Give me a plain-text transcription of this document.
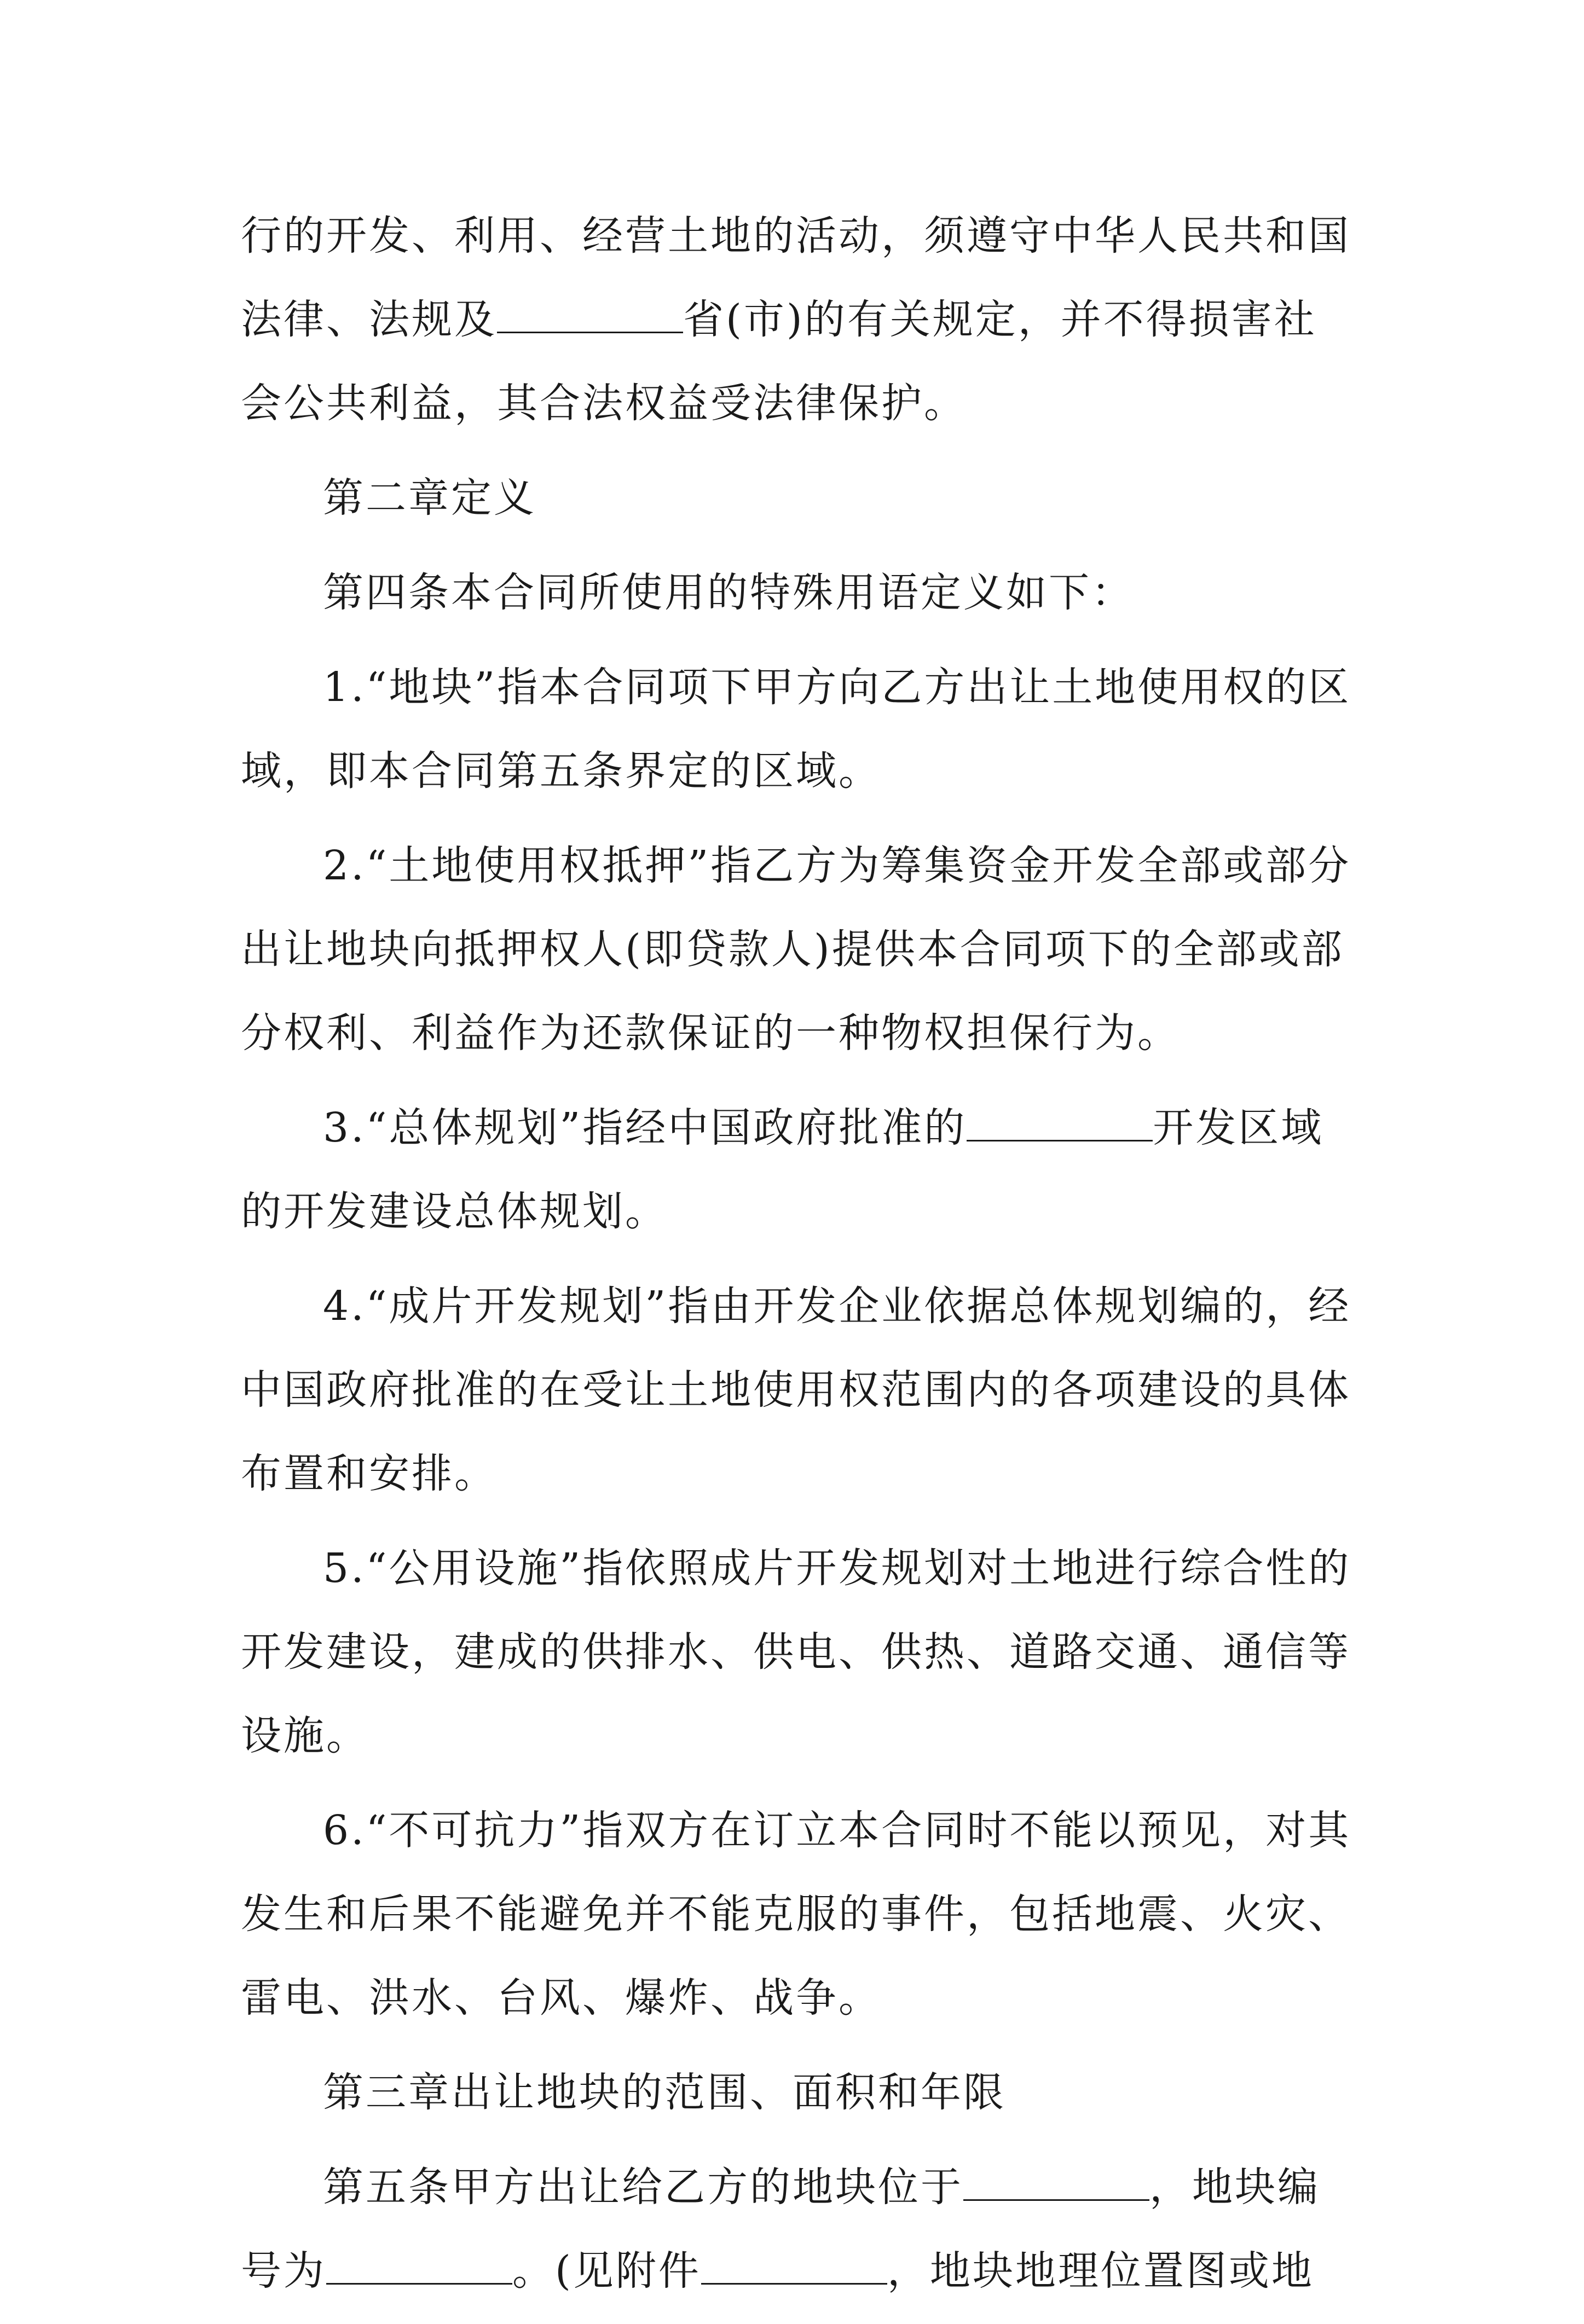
行的开发、利用、经营土地的活动，须遵守中华人民共和国法律、法规及	省(市)的有关规定，并不得损害社会公共利益，其合法权益受法律保护。

第二章定义

第四条本合同所使用的特殊用语定义如下：

1.“地块”指本合同项下甲方向乙方出让土地使用权的区域，即本合同第五条界定的区域。

2.“土地使用权抵押”指乙方为筹集资金开发全部或部分出让地块向抵押权人(即贷款人)提供本合同项下的全部或部分权利、利益作为还款保证的一种物权担保行为。

3.“总体规划”指经中国政府批准的	开发区域的开发建设总体规划。

4.“成片开发规划”指由开发企业依据总体规划编的，经中国政府批准的在受让土地使用权范围内的各项建设的具体布置和安排。

5.“公用设施”指依照成片开发规划对土地进行综合性的开发建设，建成的供排水、供电、供热、道路交通、通信等设施。

6.“不可抗力”指双方在订立本合同时不能以预见，对其发生和后果不能避免并不能克服的事件，包括地震、火灾、雷电、洪水、台风、爆炸、战争。

第三章出让地块的范围、面积和年限

第五条甲方出让给乙方的地块位于	，地块编号为	。(见附件	，地块地理位置图或地
